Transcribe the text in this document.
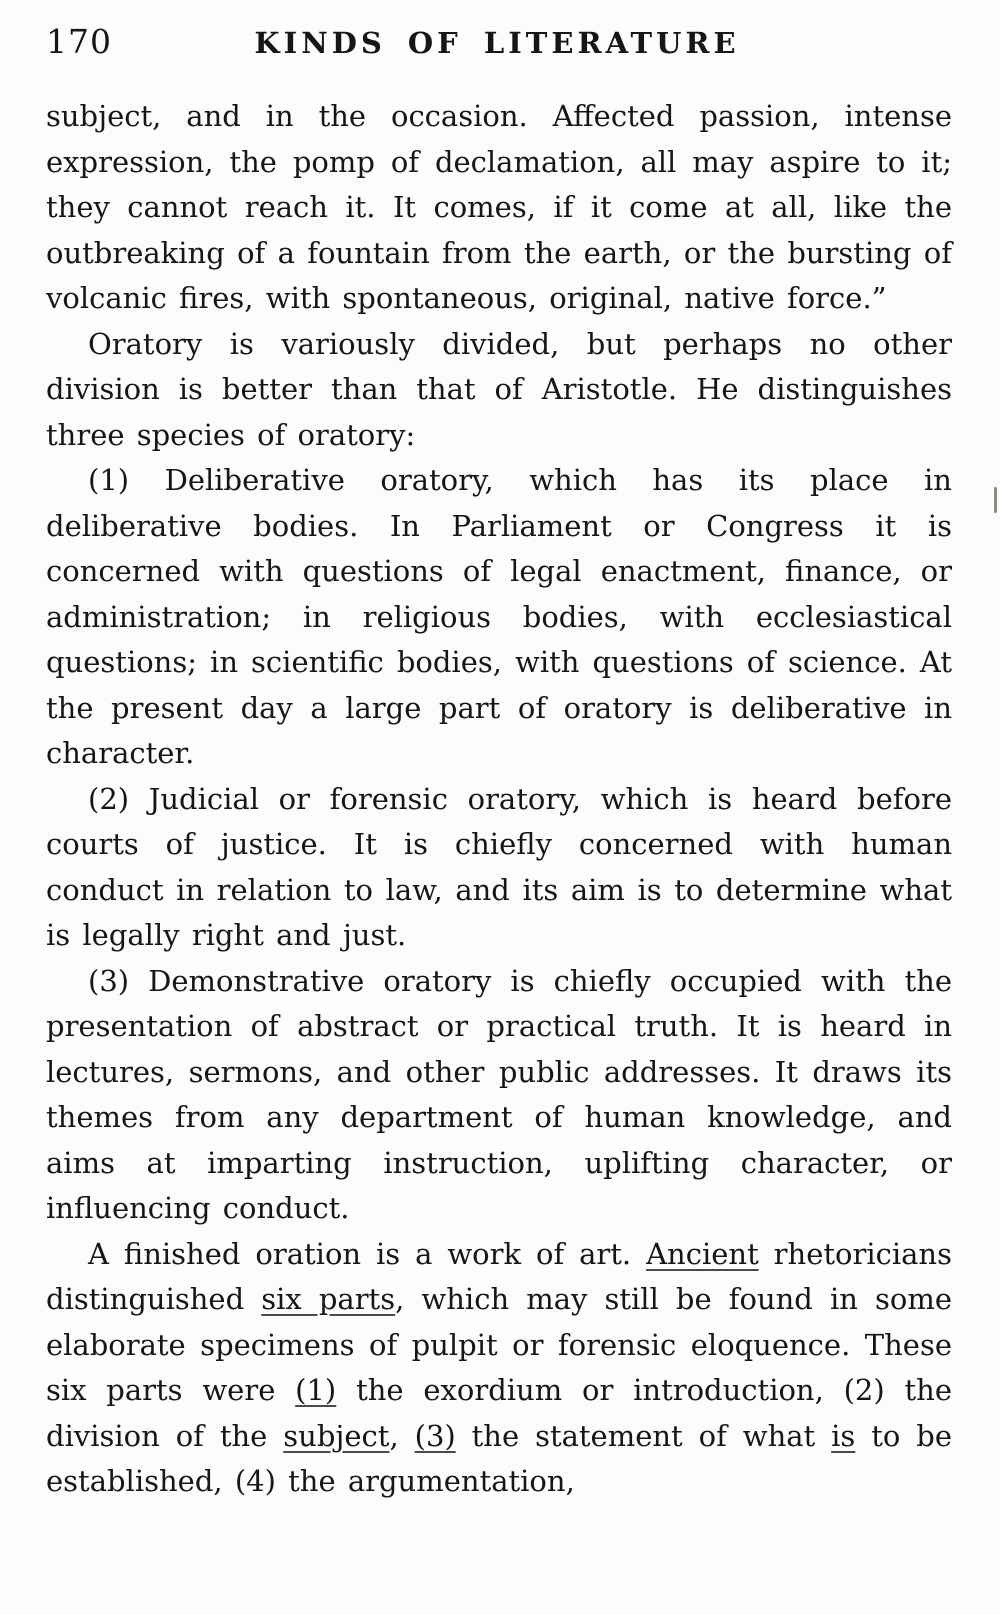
170	KINDS OF LITERATURE

subject, and in the occasion. Affected passion, intense expression, the pomp of declamation, all may aspire to it; they cannot reach it. It comes, if it come at all, like the outbreaking of a fountain from the earth, or the bursting of volcanic fires, with spontaneous, original, native force.”

Oratory is variously divided, but perhaps no other division is better than that of Aristotle. He distinguishes three species of oratory:

(1) Deliberative oratory, which has its place in deliberative bodies. In Parliament or Congress it is concerned with questions of legal enactment, finance, or administration; in religious bodies, with ecclesiastical questions; in scientific bodies, with questions of science. At the present day a large part of oratory is deliberative in character.

(2) Judicial or forensic oratory, which is heard before courts of justice. It is chiefly concerned with human conduct in relation to law, and its aim is to determine what is legally right and just.

(3) Demonstrative oratory is chiefly occupied with the presentation of abstract or practical truth. It is heard in lectures, sermons, and other public addresses. It draws its themes from any department of human knowledge, and aims at imparting instruction, uplifting character, or influencing conduct.

A finished oration is a work of art. Ancient rhetoricians distinguished six parts, which may still be found in some elaborate specimens of pulpit or forensic eloquence. These six parts were (1) the exordium or introduction, (2) the division of the subject, (3) the statement of what is to be established, (4) the argumentation,
